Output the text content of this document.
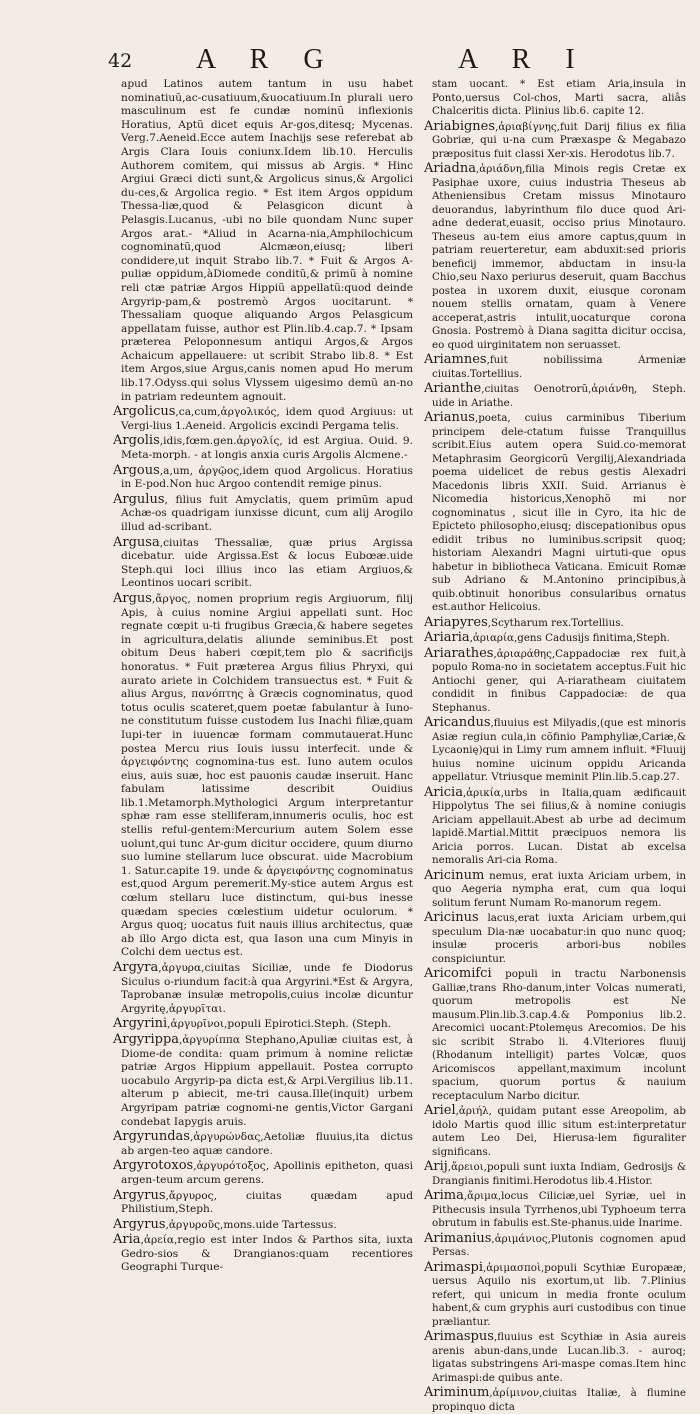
42 A R G	A R I

apud Latinos autem tantum in usu habet nominatiuũ,ac-cusatiuum,&uocatiuum.In plurali uero masculinum est fe cundæ nominũ inflexionis Horatius, Aptũ dicet equis Ar-gos,ditesq; Mycenas. Verg.7.Aeneid.Ecce autem Inachijs sese referebat ab Argis Clara Iouis coniunx.Idem lib.10. Herculis Authorem comitem, qui missus ab Argis. * Hinc Argiui Græci dicti sunt,& Argolicus sinus,& Argolici du-ces,& Argolica regio. * Est item Argos oppidum Thessa-liæ,quod & Pelasgicon dicunt à Pelasgis.Lucanus, -ubi no bile quondam Nunc super Argos arat.- *Aliud in Acarna-nia,Amphilochicum cognominatũ,quod Alcmæon,eiusq; liberi condidere,ut inquit Strabo lib.7. * Fuit & Argos A-puliæ oppidum,àDiomede conditũ,& primũ à nomine reli ctæ patriæ Argos Hippiũ appellatũ:quod deinde Argyrip-pam,& postremò Argos uocitarunt. * Thessaliam quoque aliquando Argos Pelasgicum appellatam fuisse, author est Plin.lib.4.cap.7. * Ipsam præterea Peloponnesum antiqui Argos,& Argos Achaicum appellauere: ut scribit Strabo lib.8. * Est item Argos,siue Argus,canis nomen apud Ho merum lib.17.Odyss.qui solus Vlyssem uigesimo demũ an-no in patriam redeuntem agnouit.

Argolicus,ca,cum,ἀργολικός, idem quod Argiuus: ut Vergi-lius 1.Aeneid. Argolicis excindi Pergama telis.

Argolis,idis,fœm.gen.ἀργολίς, id est Argiua. Ouid. 9. Meta-morph. - at longis anxia curis Argolis Alcmene.-

Argous,a,um, ἀργῷος,idem quod Argolicus. Horatius in E-pod.Non huc Argoo contendit remige pinus.

Argulus, filius fuit Amyclatis, quem primũm apud Achæ-os quadrigam iunxisse dicunt, cum alij Arogilo illud ad-scribant.

Argusa,ciuitas Thessaliæ, quæ prius Argissa dicebatur. uide Argissa.Est & locus Eubœæ.uide Steph.qui loci illius inco las etiam Argiuos,& Leontinos uocari scribit.

Argus,ἄργος, nomen proprium regis Argiuorum, filij Apis, à cuius nomine Argiui appellati sunt. Hoc regnate cœpit u-ti frugibus Græcia,& habere segetes in agricultura,delatis aliunde seminibus.Et post obitum Deus haberi cœpit,tem plo & sacrificijs honoratus. * Fuit præterea Argus filius Phryxi, qui aurato ariete in Colchidem transuectus est. * Fuit & alius Argus, πανόπτης à Græcis cognominatus, quod totus oculis scateret,quem poetæ fabulantur à Iuno-ne constitutum fuisse custodem Ius Inachi filiæ,quam Iupi-ter in iuuencæ formam commutauerat.Hunc postea Mercu rius Iouis iussu interfecit. unde & ἀργειφόντης cognomina-tus est. Iuno autem oculos eius, auis suæ, hoc est pauonis caudæ inseruit. Hanc fabulam latissime describit Ouidius lib.1.Metamorph.Mythologici Argum interpretantur sphæ ram esse stelliferam,innumeris oculis, hoc est stellis reful-gentem:Mercurium autem Solem esse uolunt,qui tunc Ar-gum dicitur occidere, quum diurno suo lumine stellarum luce obscurat. uide Macrobium 1. Satur.capite 19. unde & ἀργειφόντης cognominatus est,quod Argum peremerit.My-stice autem Argus est cœlum stellaru luce distinctum, qui-bus inesse quædam species cœlestium uidetur oculorum. * Argus quoq; uocatus fuit nauis illius architectus, quæ ab illo Argo dicta est, qua Iason una cum Minyis in Colchi dem uectus est.

Argyra,ἀργυρα,ciuitas Siciliæ, unde fe Diodorus Siculus o-riundum facit:à qua Argyrini.*Est & Argyra, Taprobanæ insulæ metropolis,cuius incolæ dicuntur Argyritę,ἀργυρῖται.

Argyrini,ἀργυρῖνοι,populi Epirotici.Steph. (Steph.

Argyrippa,ἀργυρίππα Stephano,Apuliæ ciuitas est, à Diome-de condita: quam primum à nomine relictæ patriæ Argos Hippium appellauit. Postea corrupto uocabulo Argyrip-pa dicta est,& Arpi.Vergilius lib.11. alterum p abiecit, me-tri causa.Ille(inquit) urbem Argyripam patriæ cognomi-ne gentis,Victor Gargani condebat Iapygis aruis.

Argyrundas,ἀργυρώνδας,Aetoliæ fluuius,ita dictus ab argen-teo aquæ candore.

Argyrotoxos,ἀργυρότοξος, Apollinis epitheton, quasi argen-teum arcum gerens.

Argyrus,ἄργυρος, ciuitas quædam apud Philistium,Steph.

Argyrus,ἀργυροῦς,mons.uide Tartessus.

Aria,ἀρεία,regio est inter Indos & Parthos sita, iuxta Gedro-sios & Drangianos:quam recentiores Geographi Turque-

stam uocant. * Est etiam Aria,insula in Ponto,uersus Col-chos, Marti sacra, aliâs Chalceritis dicta. Plinius lib.6. capite 12.

Ariabignes,ἀριαβίγνης,fuit Darij filius ex filia Gobriæ, qui u-na cum Præxaspe & Megabazo præpositus fuit classi Xer-xis. Herodotus lib.7.

Ariadna,ἀριάδνη,filia Minois regis Cretæ ex Pasiphae uxore, cuius industria Theseus ab Atheniensibus Cretam missus Minotauro deuorandus, labyrinthum filo duce quod Ari-adne dederat,euasit, occiso prius Minotauro. Theseus au-tem eius amore captus,quum in patriam reuerteretur, eam abduxit:sed prioris beneficij immemor, abductam in insu-la Chio,seu Naxo periurus deseruit, quam Bacchus postea in uxorem duxit, eiusque coronam nouem stellis ornatam, quam à Venere acceperat,astris intulit,uocaturque corona Gnosia. Postremò à Diana sagitta dicitur occisa, eo quod uirginitatem non seruasset.

Ariamnes,fuit nobilissima Armeniæ ciuitas.Tortellius.

Arianthe,ciuitas Oenotrorũ,ἀριάνθη, Steph. uide in Ariathe.

Arianus,poeta, cuius carminibus Tiberium principem dele-ctatum fuisse Tranquillus scribit.Eius autem opera Suid.co-memorat Metaphrasim Georgicorũ Vergilij,Alexandriada poema uidelicet de rebus gestis Alexadri Macedonis libris XXII. Suid. Arrianus è Nicomedia historicus,Xenophõ mi nor cognominatus , sicut ille in Cyro, ita hic de Epicteto philosopho,eiusq; discepationibus opus edidit tribus no luminibus.scripsit quoq; historiam Alexandri Magni uirtuti-que opus habetur in bibliotheca Vaticana. Emicuit Romæ sub Adriano & M.Antonino principibus,à quib.obtinuit honoribus consularibus ornatus est.author Helicoius.

Ariapyres,Scytharum rex.Tortellius.

Ariaria,ἀριαρία,gens Cadusijs finitima,Steph.

Ariarathes,ἀριαράθης,Cappadociæ rex fuit,à populo Roma-no in societatem acceptus.Fuit hic Antiochi gener, qui A-riaratheam ciuitatem condidit in finibus Cappadociæ: de qua Stephanus.

Aricandus,fluuius est Milyadis,(que est minoris Asiæ regiun cula,in cõfinio Pamphyliæ,Cariæ,& Lycaonię)qui in Limy rum amnem influit. *Fluuij huius nomine uicinum oppidu Aricanda appellatur. Vtriusque meminit Plin.lib.5.cap.27.

Aricia,ἀρικία,urbs in Italia,quam ædificauit Hippolytus The sei filius,& à nomine coniugis Ariciam appellauit.Abest ab urbe ad decimum lapidē.Martial.Mittit præcipuos nemora lis Aricia porros. Lucan. Distat ab excelsa nemoralis Ari-cia Roma.

Aricinum nemus, erat iuxta Ariciam urbem, in quo Aegeria nympha erat, cum qua loqui solitum ferunt Numam Ro-manorum regem.

Aricinus lacus,erat iuxta Ariciam urbem,qui speculum Dia-næ uocabatur:in quo nunc quoq; insulæ proceris arbori-bus nobiles conspiciuntur.

Aricomifci populi in tractu Narbonensis Galliæ,trans Rho-danum,inter Volcas numerati, quorum metropolis est Ne mausum.Plin.lib.3.cap.4.& Pomponius lib.2. Arecomici uocant:Ptolemęus Arecomios. De his sic scribit Strabo li. 4.Vlteriores fluuij (Rhodanum intelligit) partes Volcæ, quos Aricomiscos appellant,maximum incolunt spacium, quorum portus & nauium receptaculum Narbo dicitur.

Ariel,ἀριήλ, quidam putant esse Areopolim, ab idolo Martis quod illic situm est:interpretatur autem Leo Dei, Hierusa-lem figuraliter significans.

Arij,ἄρειοι,populi sunt iuxta Indiam, Gedrosijs & Drangianis finitimi.Herodotus lib.4.Histor.

Arima,ἄριμα,locus Ciliciæ,uel Syriæ, uel in Pithecusis insula Tyrrhenos,ubi Typhoeum terra obrutum in fabulis est.Ste-phanus.uide Inarime.

Arimanius,ἀριμάνιος,Plutonis cognomen apud Persas.

Arimaspi,ἀριμασποὶ,populi Scythiæ Europææ, uersus Aquilo nis exortum,ut lib. 7.Plinius refert, qui unicum in media fronte oculum habent,& cum gryphis auri custodibus con tinue præliantur.

Arimaspus,fluuius est Scythiæ in Asia aureis arenis abun-dans,unde Lucan.lib.3. - auroq; ligatas substringens Ari-maspe comas.Item hinc Arimaspi:de quibus ante.

Ariminum,ἀρίμινον,ciuitas Italiæ, à flumine propinquo dicta
